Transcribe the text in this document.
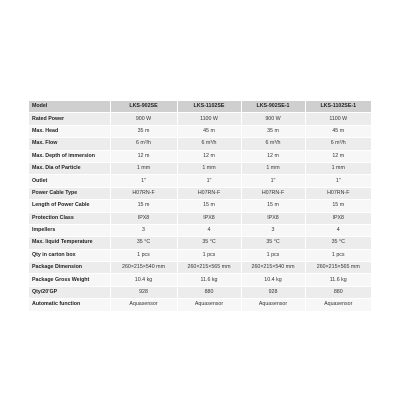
Model	LKS-902SE	LKS-1102SE	LKS-902SE-1	LKS-1102SE-1
Rated Power	900 W	1100 W	900 W	1100 W
Max. Head	35 m	45 m	35 m	45 m
Max. Flow	6 m³/h	6 m³/h	6 m³/h	6 m³/h
Max. Depth of immersion	12 m	12 m	12 m	12 m
Max. Dia of Particle	1 mm	1 mm	1 mm	1 mm
Outlet	1"	1"	1"	1"
Power Cable Type	H07RN-F	H07RN-F	H07RN-F	H07RN-F
Length of Power Cable	15 m	15 m	15 m	15 m
Protection Class	IPX8	IPX8	IPX8	IPX8
Impellers	3	4	3	4
Max. liquid Temperature	35 °C	35 °C	35 °C	35 °C
Qty in carton box	1 pcs	1 pcs	1 pcs	1 pcs
Package Dimension	260×215×540 mm	260×215×565 mm	260×215×540 mm	260×215×565 mm
Package Gross Weight	10.4 kg	11.6 kg	10.4 kg	11.6 kg
Qty/20'GP	928	880	928	880
Automatic function	Aquasensor	Aquasensor	Aquasensor	Aquasensor
